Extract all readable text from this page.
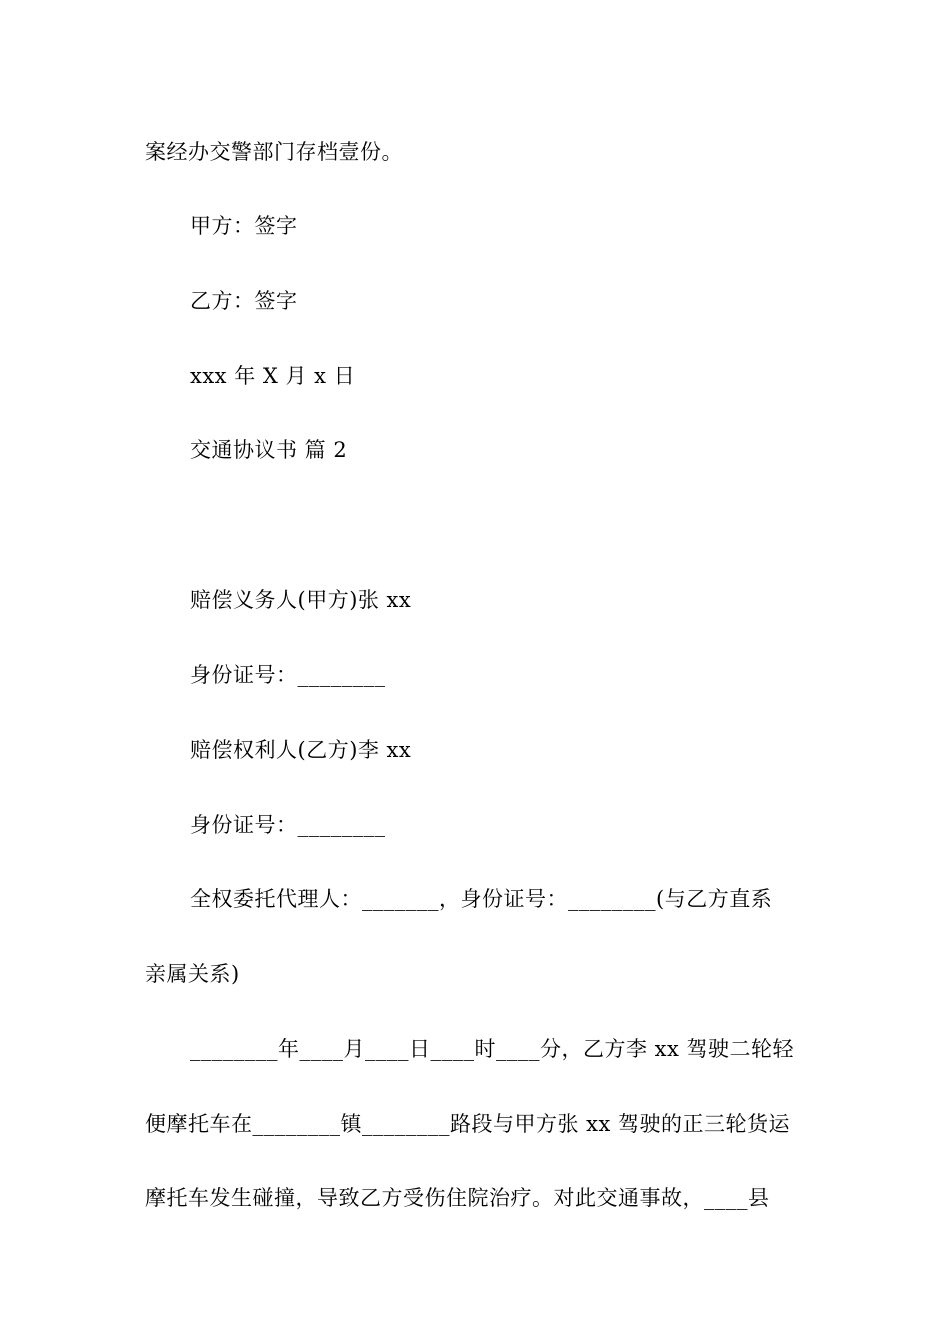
案经办交警部门存档壹份。
甲方：签字
乙方：签字
xxx 年 X 月 x 日
交通协议书 篇 2
赔偿义务人(甲方)张 xx
身份证号：________
赔偿权利人(乙方)李 xx
身份证号：________
全权委托代理人：_______，身份证号：________(与乙方直系
亲属关系)
________年____月____日____时____分，乙方李 xx 驾驶二轮轻
便摩托车在________镇________路段与甲方张 xx 驾驶的正三轮货运
摩托车发生碰撞，导致乙方受伤住院治疗。对此交通事故，____县
